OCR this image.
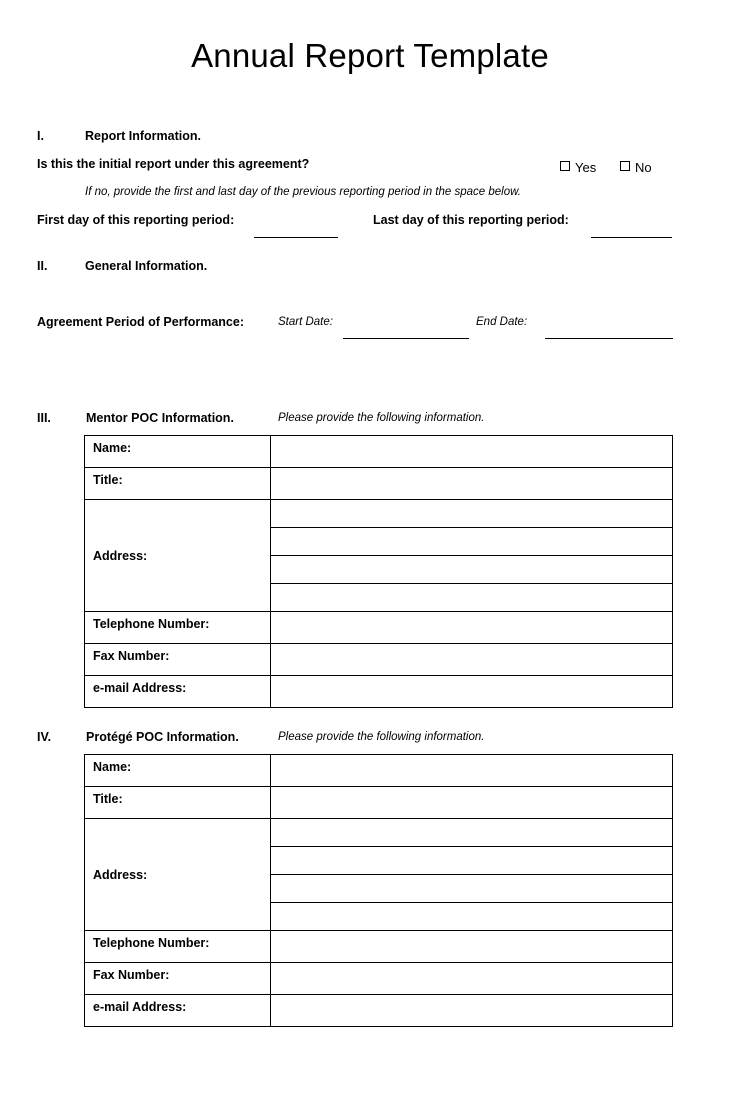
Annual Report Template
I.	Report Information.
Is this the initial report under this agreement?	Yes	No
If no, provide the first and last day of the previous reporting period in the space below.
First day of this reporting period:	Last day of this reporting period:
II.	General Information.
Agreement Period of Performance:	Start Date:	End Date:
III.	Mentor POC Information.	Please provide the following information.
Name:	
Title:	
Address:	

Telephone Number:	
Fax Number:	
e-mail Address:	
IV.	Protégé POC Information.	Please provide the following information.
Name:	
Title:	
Address:	

Telephone Number:	
Fax Number:	
e-mail Address:	
